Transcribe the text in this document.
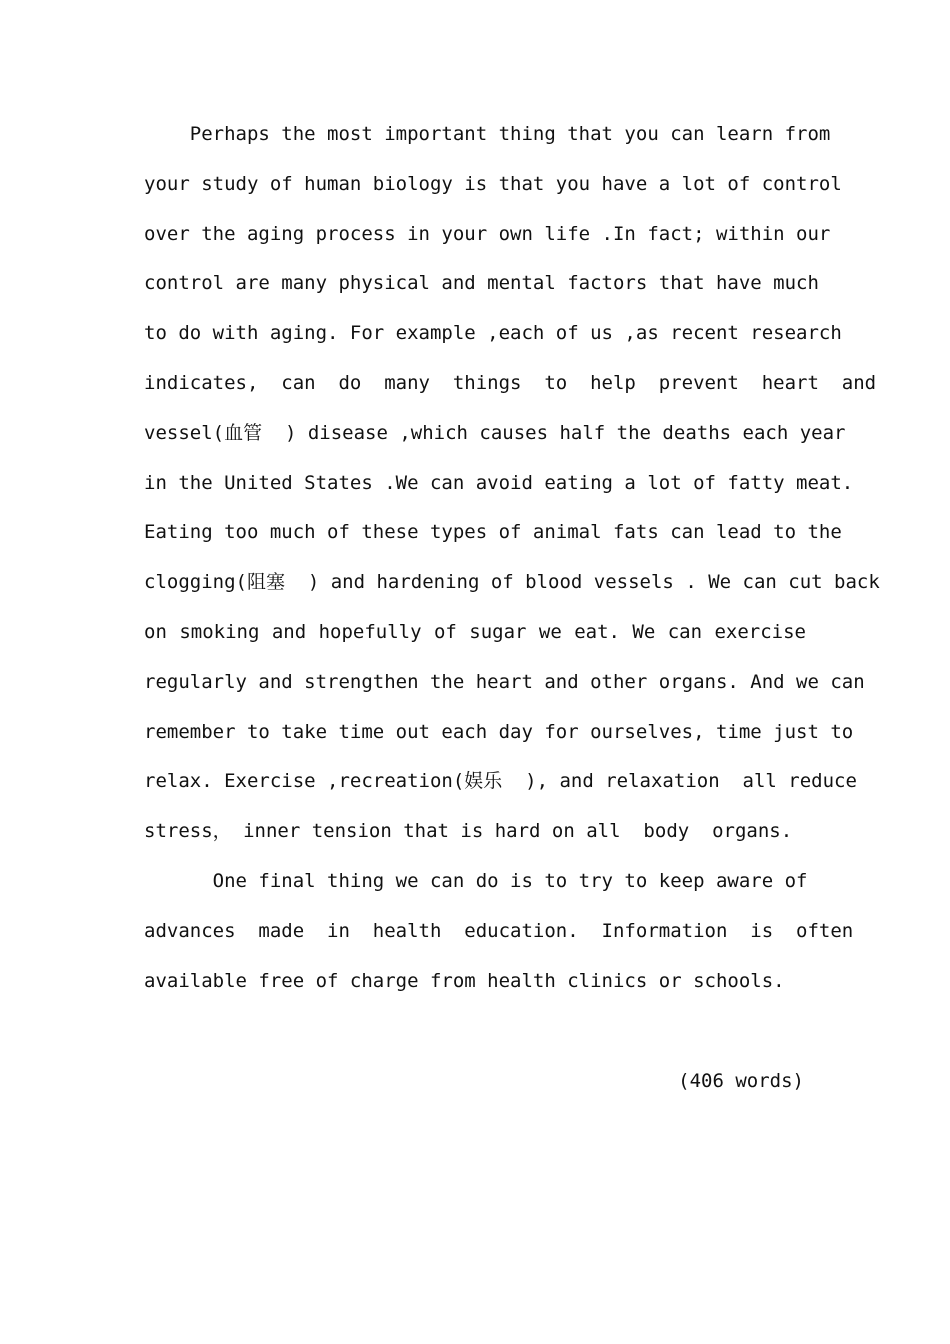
Perhaps the most important thing that you can learn from
your study of human biology is that you have a lot of control
over the aging process in your own life .In fact; within our
control are many physical and mental factors that have much
to do with aging. For example ,each of us ,as recent research
indicates,  can  do  many  things  to  help  prevent  heart  and
vessel(血管  ) disease ,which causes half the deaths each year
in the United States .We can avoid eating a lot of fatty meat.
Eating too much of these types of animal fats can lead to the
clogging(阻塞  ) and hardening of blood vessels . We can cut back
on smoking and hopefully of sugar we eat. We can exercise
regularly and strengthen the heart and other organs. And we can
remember to take time out each day for ourselves, time just to
relax. Exercise ,recreation(娱乐  ), and relaxation  all reduce
stress， inner tension that is hard on all  body  organs.
One final thing we can do is to try to keep aware of
advances  made  in  health  education.  Information  is  often
available free of charge from health clinics or schools.
(406 words)
